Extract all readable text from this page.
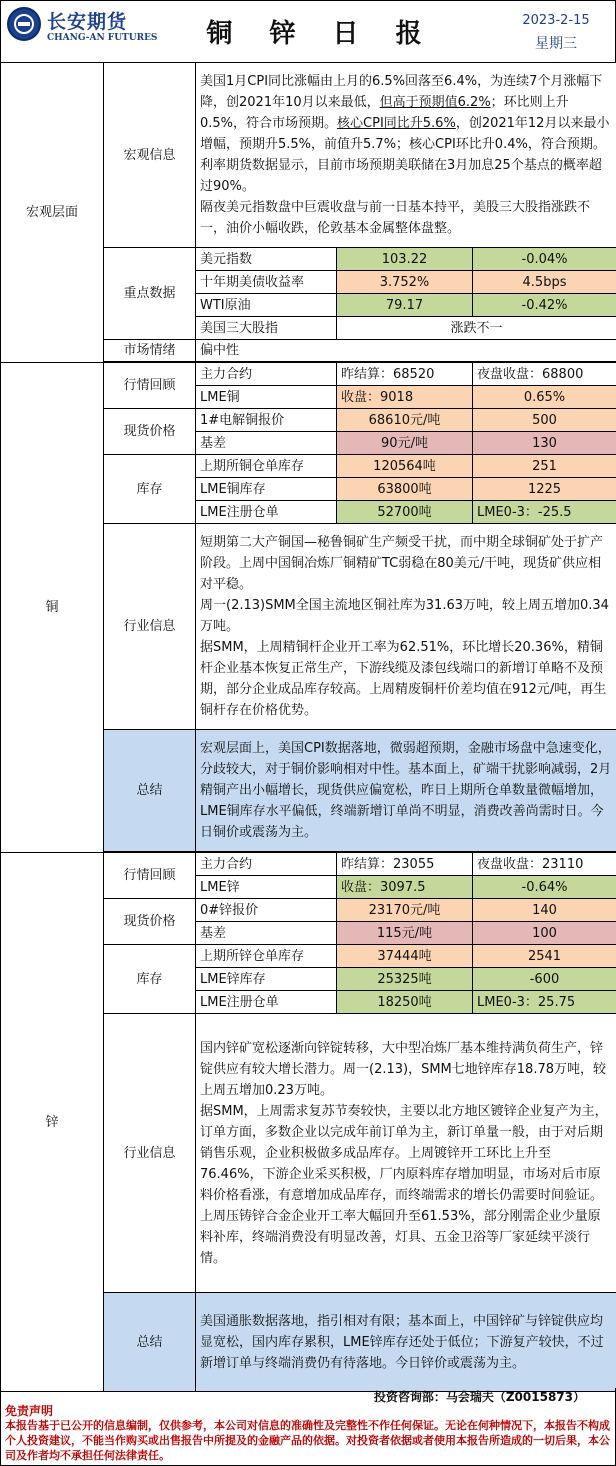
长安期货
CHANG-AN FUTURES 铜 锌 日 报	2023-2-15
星期三
宏观层面	宏观信息	美国1月CPI同比涨幅由上月的6.5%回落至6.4%，为连续7个月涨幅下降，创2021年10月以来最低，但高于预期值6.2%；环比则上升0.5%，符合市场预期。核心CPI同比升5.6%，创2021年12月以来最小增幅，预期升5.5%，前值升5.7%；核心CPI环比升0.4%，符合预期。利率期货数据显示，目前市场预期美联储在3月加息25个基点的概率超过90%。
隔夜美元指数盘中巨震收盘与前一日基本持平，美股三大股指涨跌不一，油价小幅收跌，伦敦基本金属整体盘整。		
	重点数据	美元指数	103.22	-0.04%
		十年期美债收益率	3.752%	4.5bps
		WTI原油	79.17	-0.42%
		美国三大股指	涨跌不一	
	市场情绪	偏中性		

铜	行情回顾	主力合约	昨结算：68520	夜盘收盘：68800
		LME铜	收盘：9018	0.65%
	现货价格	1#电解铜报价	68610元/吨	500
		基差	90元/吨	130
	库存	上期所铜仓单库存	120564吨	251
		LME铜库存	63800吨	1225
		LME注册仓单	52700吨	LME0-3：-25.5
	行业信息	短期第二大产铜国—秘鲁铜矿生产频受干扰，而中期全球铜矿处于扩产阶段。上周中国铜冶炼厂铜精矿TC弱稳在80美元/干吨，现货矿供应相对平稳。
周一(2.13)SMM全国主流地区铜社库为31.63万吨，较上周五增加0.34万吨。
据SMM，上周精铜杆企业开工率为62.51%，环比增长20.36%，精铜杆企业基本恢复正常生产，下游线缆及漆包线端口的新增订单略不及预期，部分企业成品库存较高。上周精废铜杆价差均值在912元/吨，再生铜杆存在价格优势。		
	总结	宏观层面上，美国CPI数据落地，微弱超预期，金融市场盘中急速变化，分歧较大，对于铜价影响相对中性。基本面上，矿端干扰影响减弱，2月精铜产出小幅增长，现货供应偏宽松，昨日上期所仓单数量微幅增加，LME铜库存水平偏低，终端新增订单尚不明显，消费改善尚需时日。今日铜价或震荡为主。		

锌	行情回顾	主力合约	昨结算：23055	夜盘收盘：23110
		LME锌	收盘：3097.5	-0.64%
	现货价格	0#锌报价	23170元/吨	140
		基差	115元/吨	100
	库存	上期所锌仓单库存	37444吨	2541
		LME锌库存	25325吨	-600
		LME注册仓单	18250吨	LME0-3：25.75
	行业信息	国内锌矿宽松逐渐向锌锭转移，大中型冶炼厂基本维持满负荷生产，锌锭供应有较大增长潜力。周一(2.13)，SMM七地锌库存18.78万吨，较上周五增加0.23万吨。
据SMM，上周需求复苏节奏较快，主要以北方地区镀锌企业复产为主，订单方面，多数企业以完成年前订单为主，新订单量一般，由于对后期销售乐观，企业积极做多成品库存。上周镀锌开工环比上升至76.46%，下游企业采买积极，厂内原料库存增加明显，市场对后市原料价格看涨，有意增加成品库存，而终端需求的增长仍需要时间验证。上周压铸锌合金企业开工率大幅回升至61.53%，部分刚需企业少量原料补库，终端消费没有明显改善，灯具、五金卫浴等厂家延续平淡行情。		
	总结	美国通胀数据落地，指引相对有限；基本面上，中国锌矿与锌锭供应均显宽松，国内库存累积，LME锌库存还处于低位；下游复产较快，不过新增订单与终端消费仍有待落地。今日锌价或震荡为主。		
投资咨询部：马会瑞夫（Z0015873）
免责声明
本报告基于已公开的信息编制，仅供参考，本公司对信息的准确性及完整性不作任何保证。无论在何种情况下，本报告不构成个人投资建议，不能当作购买或出售报告中所提及的金融产品的依据。对投资者依据或者使用本报告所造成的一切后果，本公司及作者均不承担任何法律责任。
